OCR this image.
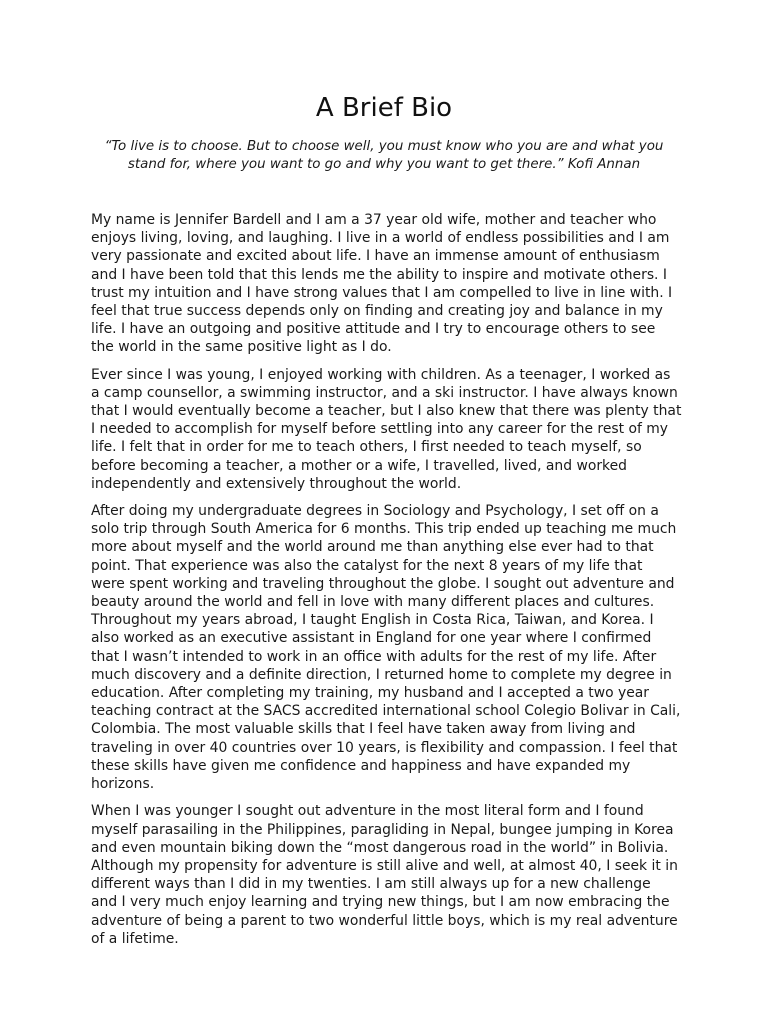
A Brief Bio

“To live is to choose. But to choose well, you must know who you are and what you
stand for, where you want to go and why you want to get there.” Kofi Annan

My name is Jennifer Bardell and I am a 37 year old wife, mother and teacher who
enjoys living, loving, and laughing. I live in a world of endless possibilities and I am
very passionate and excited about life. I have an immense amount of enthusiasm
and I have been told that this lends me the ability to inspire and motivate others. I
trust my intuition and I have strong values that I am compelled to live in line with. I
feel that true success depends only on finding and creating joy and balance in my
life. I have an outgoing and positive attitude and I try to encourage others to see
the world in the same positive light as I do.

Ever since I was young, I enjoyed working with children. As a teenager, I worked as
a camp counsellor, a swimming instructor, and a ski instructor. I have always known
that I would eventually become a teacher, but I also knew that there was plenty that
I needed to accomplish for myself before settling into any career for the rest of my
life. I felt that in order for me to teach others, I first needed to teach myself, so
before becoming a teacher, a mother or a wife, I travelled, lived, and worked
independently and extensively throughout the world.

After doing my undergraduate degrees in Sociology and Psychology, I set off on a
solo trip through South America for 6 months. This trip ended up teaching me much
more about myself and the world around me than anything else ever had to that
point. That experience was also the catalyst for the next 8 years of my life that
were spent working and traveling throughout the globe. I sought out adventure and
beauty around the world and fell in love with many different places and cultures.
Throughout my years abroad, I taught English in Costa Rica, Taiwan, and Korea. I
also worked as an executive assistant in England for one year where I confirmed
that I wasn’t intended to work in an office with adults for the rest of my life. After
much discovery and a definite direction, I returned home to complete my degree in
education. After completing my training, my husband and I accepted a two year
teaching contract at the SACS accredited international school Colegio Bolivar in Cali,
Colombia. The most valuable skills that I feel have taken away from living and
traveling in over 40 countries over 10 years, is flexibility and compassion. I feel that
these skills have given me confidence and happiness and have expanded my
horizons.

When I was younger I sought out adventure in the most literal form and I found
myself parasailing in the Philippines, paragliding in Nepal, bungee jumping in Korea
and even mountain biking down the “most dangerous road in the world” in Bolivia.
Although my propensity for adventure is still alive and well, at almost 40, I seek it in
different ways than I did in my twenties. I am still always up for a new challenge
and I very much enjoy learning and trying new things, but I am now embracing the
adventure of being a parent to two wonderful little boys, which is my real adventure
of a lifetime.
